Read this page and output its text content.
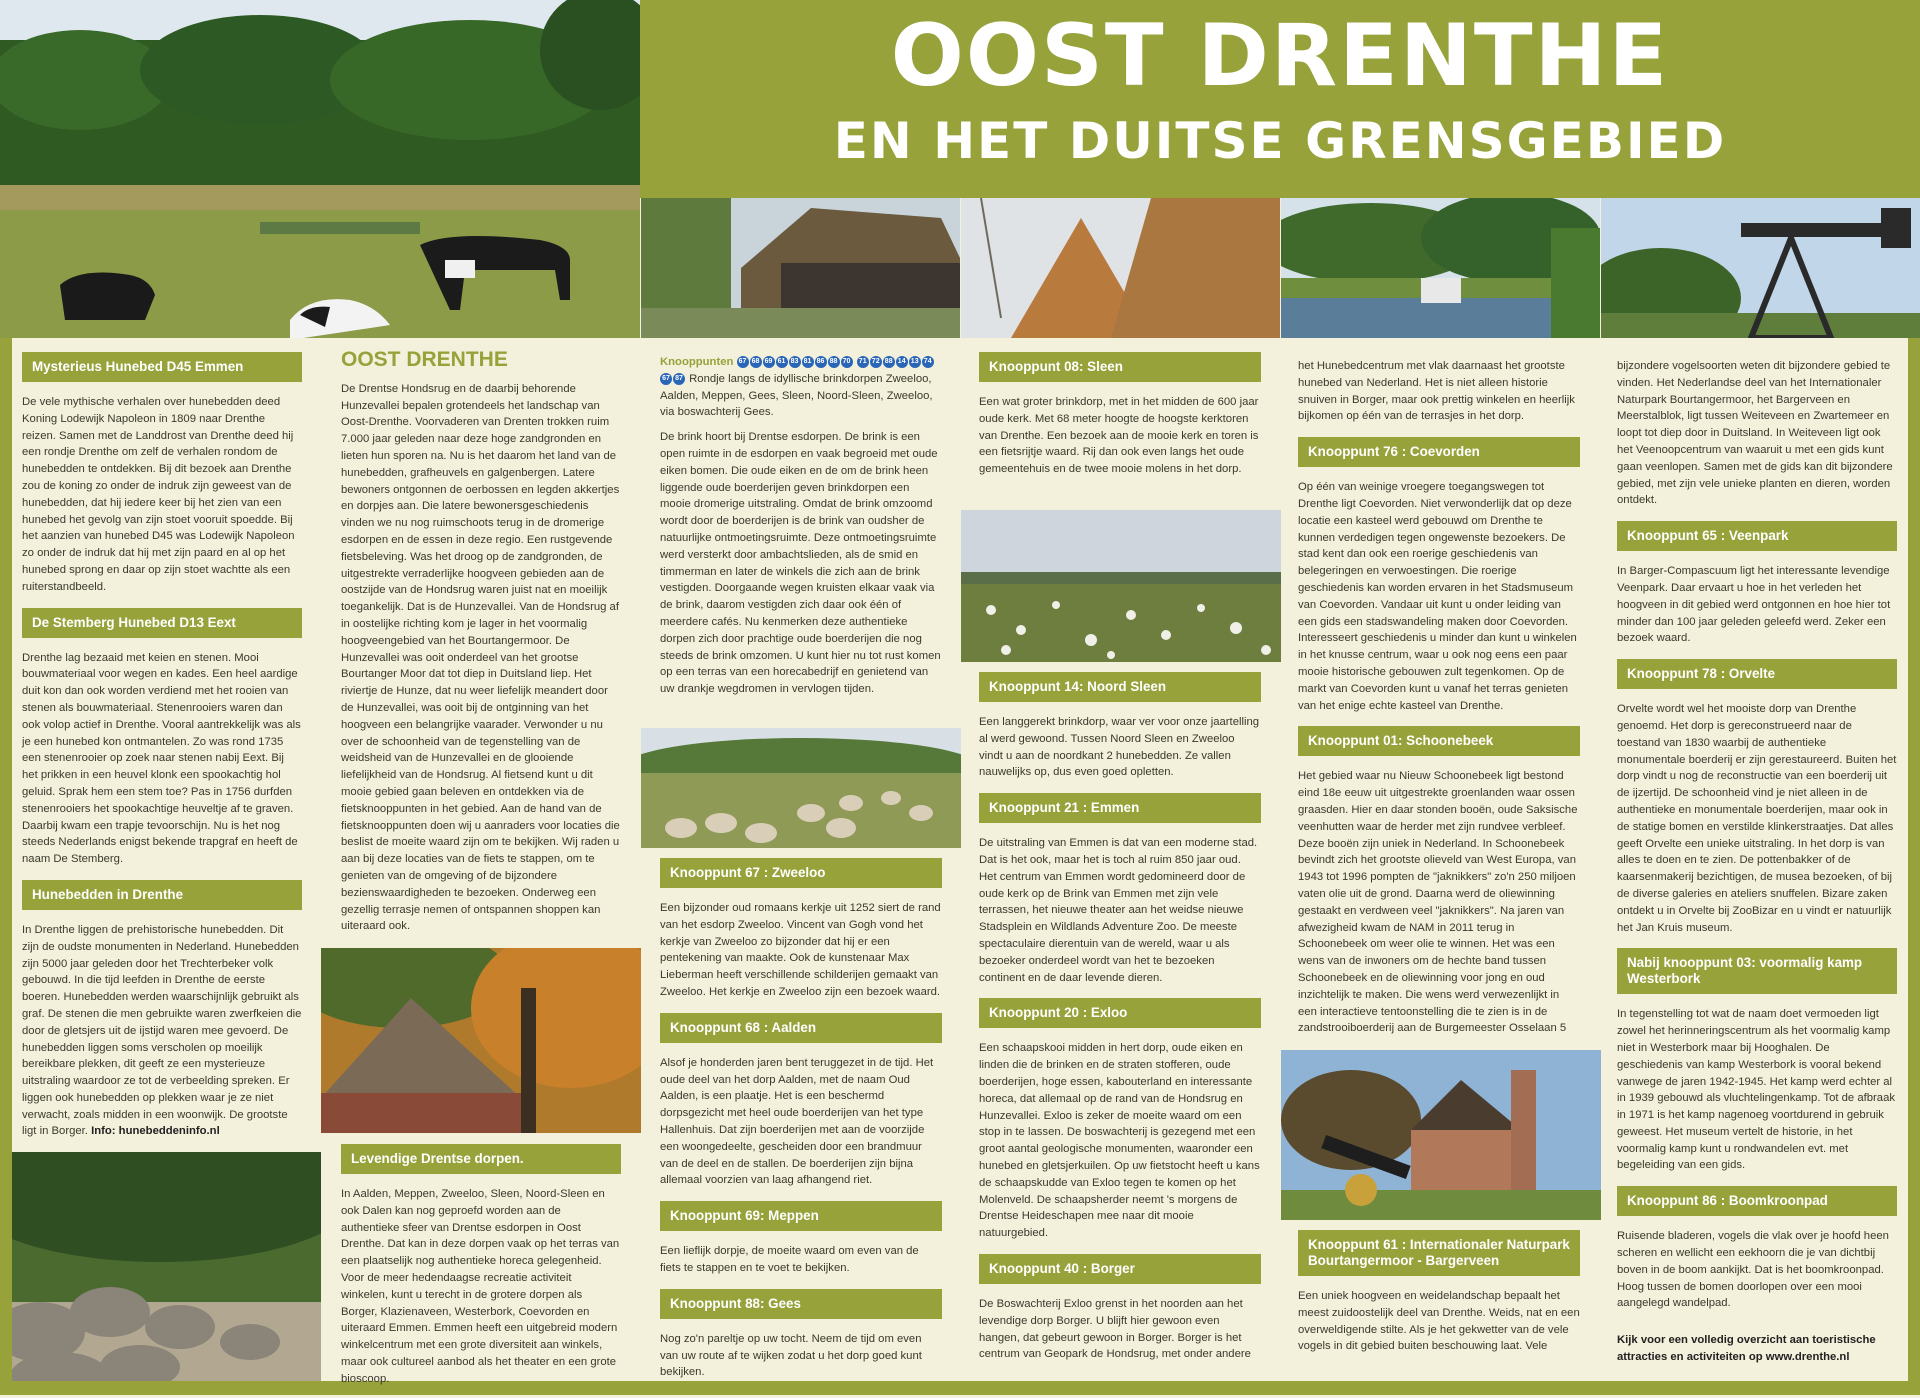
OOST DRENTHE
EN HET DUITSE GRENSGEBIED
Mysterieus Hunebed D45 Emmen

De vele mythische verhalen over hunebedden deed Koning Lodewijk Napoleon in 1809 naar Drenthe reizen. Samen met de Landdrost van Drenthe deed hij een rondje Drenthe om zelf de verhalen rondom de hunebedden te ontdekken. Bij dit bezoek aan Drenthe zou de koning zo onder de indruk zijn geweest van de hunebedden, dat hij iedere keer bij het zien van een hunebed het gevolg van zijn stoet vooruit spoedde. Bij het aanzien van hunebed D45 was Lodewijk Napoleon zo onder de indruk dat hij met zijn paard en al op het hunebed sprong en daar op zijn stoet wachtte als een ruiterstandbeeld.

De Stemberg Hunebed D13 Eext

Drenthe lag bezaaid met keien en stenen. Mooi bouwmateriaal voor wegen en kades. Een heel aardige duit kon dan ook worden verdiend met het rooien van stenen als bouwmateriaal. Stenenrooiers waren dan ook volop actief in Drenthe. Vooral aantrekkelijk was als je een hunebed kon ontmantelen. Zo was rond 1735 een stenenrooier op zoek naar stenen nabij Eext. Bij het prikken in een heuvel klonk een spookachtig hol geluid. Sprak hem een stem toe? Pas in 1756 durfden stenenrooiers het spookachtige heuveltje af te graven. Daarbij kwam een trapje tevoorschijn. Nu is het nog steeds Nederlands enigst bekende trapgraf en heeft de naam De Stemberg.

Hunebedden in Drenthe

In Drenthe liggen de prehistorische hunebedden. Dit zijn de oudste monumenten in Nederland. Hunebedden zijn 5000 jaar geleden door het Trechterbeker volk gebouwd. In die tijd leefden in Drenthe de eerste boeren. Hunebedden werden waarschijnlijk gebruikt als graf. De stenen die men gebruikte waren zwerfkeien die door de gletsjers uit de ijstijd waren mee gevoerd. De hunebedden liggen soms verscholen op moeilijk bereikbare plekken, dit geeft ze een mysterieuze uitstraling waardoor ze tot de verbeelding spreken. Er liggen ook hunebedden op plekken waar je ze niet verwacht, zoals midden in een woonwijk. De grootste ligt in Borger. Info: hunebeddeninfo.nl

OOST DRENTHE

De Drentse Hondsrug en de daarbij behorende Hunzevallei bepalen grotendeels het landschap van Oost-Drenthe. Voorvaderen van Drenten trokken ruim 7.000 jaar geleden naar deze hoge zandgronden en lieten hun sporen na. Nu is het daarom het land van de hunebedden, grafheuvels en galgenbergen. Latere bewoners ontgonnen de oerbossen en legden akkertjes en dorpjes aan. Die latere bewonersgeschiedenis vinden we nu nog ruimschoots terug in de dromerige esdorpen en de essen in deze regio. Een rustgevende fietsbeleving. Was het droog op de zandgronden, de uitgestrekte verraderlijke hoogveen gebieden aan de oostzijde van de Hondsrug waren juist nat en moeilijk toegankelijk. Dat is de Hunzevallei. Van de Hondsrug af in oostelijke richting kom je lager in het voormalig hoogveengebied van het Bourtangermoor. De Hunzevallei was ooit onderdeel van het grootse Bourtanger Moor dat tot diep in Duitsland liep. Het riviertje de Hunze, dat nu weer liefelijk meandert door de Hunzevallei, was ooit bij de ontginning van het hoogveen een belangrijke vaarader. Verwonder u nu over de schoonheid van de tegenstelling van de weidsheid van de Hunzevallei en de glooiende liefelijkheid van de Hondsrug. Al fietsend kunt u dit mooie gebied gaan beleven en ontdekken via de fietsknooppunten in het gebied. Aan de hand van de fietsknooppunten doen wij u aanraders voor locaties die beslist de moeite waard zijn om te bekijken. Wij raden u aan bij deze locaties van de fiets te stappen, om te genieten van de omgeving of de bijzondere bezienswaardigheden te bezoeken. Onderweg een gezellig terrasje nemen of ontspannen shoppen kan uiteraard ook.

Levendige Drentse dorpen.

In Aalden, Meppen, Zweeloo, Sleen, Noord-Sleen en ook Dalen kan nog geproefd worden aan de authentieke sfeer van Drentse esdorpen in Oost Drenthe. Dat kan in deze dorpen vaak op het terras van een plaatselijk nog authentieke horeca gelegenheid. Voor de meer hedendaagse recreatie activiteit winkelen, kunt u terecht in de grotere dorpen als Borger, Klazienaveen, Westerbork, Coevorden en uiteraard Emmen. Emmen heeft een uitgebreid modern winkelcentrum met een grote diversiteit aan winkels, maar ook cultureel aanbod als het theater en een grote bioscoop.

Knooppunten 67 68 69 61 83 81 86 88 70 71 72 88 14 13 7467 87 Rondje langs de idyllische brinkdorpen Zweeloo, Aalden, Meppen, Gees, Sleen, Noord-Sleen, Zweeloo, via boswachterij Gees.

De brink hoort bij Drentse esdorpen. De brink is een open ruimte in de esdorpen en vaak begroeid met oude eiken bomen. Die oude eiken en de om de brink heen liggende oude boerderijen geven brinkdorpen een mooie dromerige uitstraling. Omdat de brink omzoomd wordt door de boerderijen is de brink van oudsher de natuurlijke ontmoetingsruimte. Deze ontmoetingsruimte werd versterkt door ambachtslieden, als de smid en timmerman en later de winkels die zich aan de brink vestigden. Doorgaande wegen kruisten elkaar vaak via de brink, daarom vestigden zich daar ook één of meerdere cafés. Nu kenmerken deze authentieke dorpen zich door prachtige oude boerderijen die nog steeds de brink omzomen. U kunt hier nu tot rust komen op een terras van een horecabedrijf en genietend van uw drankje wegdromen in vervlogen tijden.

Knooppunt 67 : Zweeloo

Een bijzonder oud romaans kerkje uit 1252 siert de rand van het esdorp Zweeloo. Vincent van Gogh vond het kerkje van Zweeloo zo bijzonder dat hij er een pentekening van maakte. Ook de kunstenaar Max Lieberman heeft verschillende schilderijen gemaakt van Zweeloo. Het kerkje en Zweeloo zijn een bezoek waard.

Knooppunt 68 : Aalden

Alsof je honderden jaren bent teruggezet in de tijd. Het oude deel van het dorp Aalden, met de naam Oud Aalden, is een plaatje. Het is een beschermd dorpsgezicht met heel oude boerderijen van het type Hallenhuis. Dat zijn boerderijen met aan de voorzijde een woongedeelte, gescheiden door een brandmuur van de deel en de stallen. De boerderijen zijn bijna allemaal voorzien van laag afhangend riet.

Knooppunt 69: Meppen

Een lieflijk dorpje, de moeite waard om even van de fiets te stappen en te voet te bekijken.

Knooppunt 88: Gees

Nog zo'n pareltje op uw tocht. Neem de tijd om even van uw route af te wijken zodat u het dorp goed kunt bekijken.

Knooppunt 08: Sleen

Een wat groter brinkdorp, met in het midden de 600 jaar oude kerk. Met 68 meter hoogte de hoogste kerktoren van Drenthe. Een bezoek aan de mooie kerk en toren is een fietsrijtje waard. Rij dan ook even langs het oude gemeentehuis en de twee mooie molens in het dorp.

Knooppunt 14: Noord Sleen

Een langgerekt brinkdorp, waar ver voor onze jaartelling al werd gewoond. Tussen Noord Sleen en Zweeloo vindt u aan de noordkant 2 hunebedden. Ze vallen nauwelijks op, dus even goed opletten.

Knooppunt 21 : Emmen

De uitstraling van Emmen is dat van een moderne stad. Dat is het ook, maar het is toch al ruim 850 jaar oud. Het centrum van Emmen wordt gedomineerd door de oude kerk op de Brink van Emmen met zijn vele terrassen, het nieuwe theater aan het weidse nieuwe Stadsplein en Wildlands Adventure Zoo. De meeste spectaculaire dierentuin van de wereld, waar u als bezoeker onderdeel wordt van het te bezoeken continent en de daar levende dieren.

Knooppunt 20 : Exloo

Een schaapskooi midden in hert dorp, oude eiken en linden die de brinken en de straten stofferen, oude boerderijen, hoge essen, kabouterland en interessante horeca, dat allemaal op de rand van de Hondsrug en Hunzevallei. Exloo is zeker de moeite waard om een stop in te lassen. De boswachterij is gezegend met een groot aantal geologische monumenten, waaronder een hunebed en gletsjerkuilen. Op uw fietstocht heeft u kans de schaapskudde van Exloo tegen te komen op het Molenveld. De schaapsherder neemt 's morgens de Drentse Heideschapen mee naar dit mooie natuurgebied.

Knooppunt 40 : Borger

De Boswachterij Exloo grenst in het noorden aan het levendige dorp Borger. U blijft hier gewoon even hangen, dat gebeurt gewoon in Borger. Borger is het centrum van Geopark de Hondsrug, met onder andere

het Hunebedcentrum met vlak daarnaast het grootste hunebed van Nederland. Het is niet alleen historie snuiven in Borger, maar ook prettig winkelen en heerlijk bijkomen op één van de terrasjes in het dorp.

Knooppunt 76 : Coevorden

Op één van weinige vroegere toegangswegen tot Drenthe ligt Coevorden. Niet verwonderlijk dat op deze locatie een kasteel werd gebouwd om Drenthe te kunnen verdedigen tegen ongewenste bezoekers. De stad kent dan ook een roerige geschiedenis van belegeringen en verwoestingen. Die roerige geschiedenis kan worden ervaren in het Stadsmuseum van Coevorden. Vandaar uit kunt u onder leiding van een gids een stadswandeling maken door Coevorden. Interesseert geschiedenis u minder dan kunt u winkelen in het knusse centrum, waar u ook nog eens een paar mooie historische gebouwen zult tegenkomen. Op de markt van Coevorden kunt u vanaf het terras genieten van het enige echte kasteel van Drenthe.

Knooppunt 01: Schoonebeek

Het gebied waar nu Nieuw Schoonebeek ligt bestond eind 18e eeuw uit uitgestrekte groenlanden waar ossen graasden. Hier en daar stonden booën, oude Saksische veenhutten waar de herder met zijn rundvee verbleef. Deze booën zijn uniek in Nederland. In Schoonebeek bevindt zich het grootste olieveld van West Europa, van 1943 tot 1996 pompten de "jaknikkers" zo'n 250 miljoen vaten olie uit de grond. Daarna werd de oliewinning gestaakt en verdween veel "jaknikkers". Na jaren van afwezigheid kwam de NAM in 2011 terug in Schoonebeek om weer olie te winnen. Het was een wens van de inwoners om de hechte band tussen Schoonebeek en de oliewinning voor jong en oud inzichtelijk te maken. Die wens werd verwezenlijkt in een interactieve tentoonstelling die te zien is in de zandstrooiboerderij aan de Burgemeester Osselaan 5

Knooppunt 61 : Internationaler Naturpark Bourtangermoor - Bargerveen

Een uniek hoogveen en weidelandschap bepaalt het meest zuidoostelijk deel van Drenthe. Weids, nat en een overweldigende stilte. Als je het gekwetter van de vele vogels in dit gebied buiten beschouwing laat. Vele

bijzondere vogelsoorten weten dit bijzondere gebied te vinden. Het Nederlandse deel van het Internationaler Naturpark Bourtangermoor, het Bargerveen en Meerstalblok, ligt tussen Weiteveen en Zwartemeer en loopt tot diep door in Duitsland. In Weiteveen ligt ook het Veenoopcentrum van waaruit u met een gids kunt gaan veenlopen. Samen met de gids kan dit bijzondere gebied, met zijn vele unieke planten en dieren, worden ontdekt.

Knooppunt 65 : Veenpark

In Barger-Compascuum ligt het interessante levendige Veenpark. Daar ervaart u hoe in het verleden het hoogveen in dit gebied werd ontgonnen en hoe hier tot minder dan 100 jaar geleden geleefd werd. Zeker een bezoek waard.

Knooppunt 78 : Orvelte

Orvelte wordt wel het mooiste dorp van Drenthe genoemd. Het dorp is gereconstrueerd naar de toestand van 1830 waarbij de authentieke monumentale boerderij er zijn gerestaureerd. Buiten het dorp vindt u nog de reconstructie van een boerderij uit de ijzertijd. De schoonheid vind je niet alleen in de authentieke en monumentale boerderijen, maar ook in de statige bomen en verstilde klinkerstraatjes. Dat alles geeft Orvelte een unieke uitstraling. In het dorp is van alles te doen en te zien. De pottenbakker of de kaarsenmakerij bezichtigen, de musea bezoeken, of bij de diverse galeries en ateliers snuffelen. Bizare zaken ontdekt u in Orvelte bij ZooBizar en u vindt er natuurlijk het Jan Kruis museum.

Nabij knooppunt 03: voormalig kamp Westerbork

In tegenstelling tot wat de naam doet vermoeden ligt zowel het herinneringscentrum als het voormalig kamp niet in Westerbork maar bij Hooghalen. De geschiedenis van kamp Westerbork is vooral bekend vanwege de jaren 1942-1945. Het kamp werd echter al in 1939 gebouwd als vluchtelingenkamp. Tot de afbraak in 1971 is het kamp nagenoeg voortdurend in gebruik geweest. Het museum vertelt de historie, in het voormalig kamp kunt u rondwandelen evt. met begeleiding van een gids.

Knooppunt 86 : Boomkroonpad

Ruisende bladeren, vogels die vlak over je hoofd heen scheren en wellicht een eekhoorn die je van dichtbij boven in de boom aankijkt. Dat is het boomkroonpad. Hoog tussen de bomen doorlopen over een mooi aangelegd wandelpad.

Kijk voor een volledig overzicht aan toeristische attracties en activiteiten op www.drenthe.nl
